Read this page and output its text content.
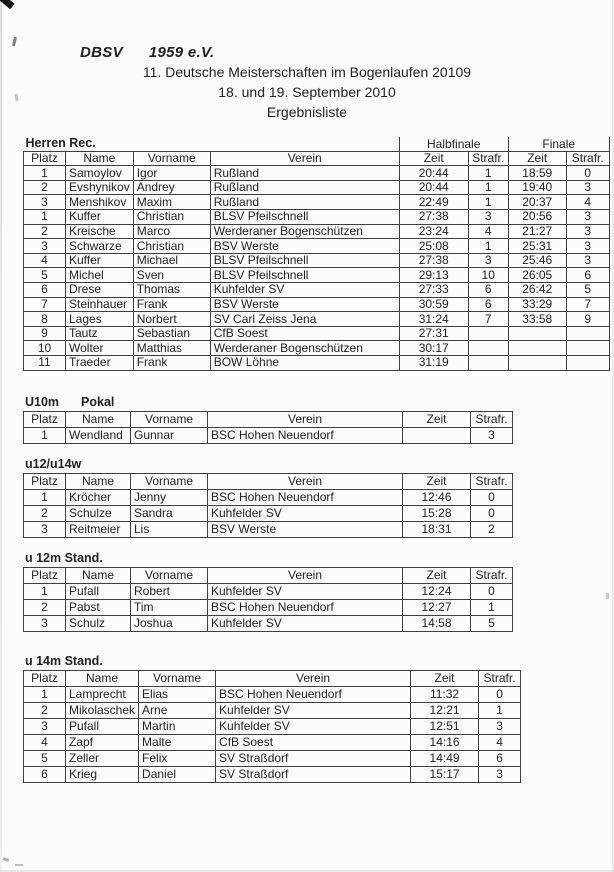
DBSV 1959 e.V.
11. Deutsche Meisterschaften im Bogenlaufen 20109
18. und 19. September 2010
Ergebnisliste
Herren Rec.				Halbfinale		Finale	
Platz	Name	Vorname	Verein	Zeit	Strafr.	Zeit	Strafr.
1	Samoylov	Igor	Rußland	20:44	1	18:59	0
2	Evshynikov	Andrey	Rußland	20:44	1	19:40	3
3	Menshikov	Maxim	Rußland	22:49	1	20:37	4
1	Kuffer	Christian	BLSV Pfeilschnell	27:38	3	20:56	3
2	Kreische	Marco	Werderaner Bogenschützen	23:24	4	21:27	3
3	Schwarze	Christian	BSV Werste	25:08	1	25:31	3
4	Kuffer	Michael	BLSV Pfeilschnell	27:38	3	25:46	3
5	Michel	Sven	BLSV Pfeilschnell	29:13	10	26:05	6
6	Drese	Thomas	Kuhfelder SV	27:33	6	26:42	5
7	Steinhauer	Frank	BSV Werste	30:59	6	33:29	7
8	Lages	Norbert	SV Carl Zeiss Jena	31:24	7	33:58	9
9	Tautz	Sebastian	CfB Soest	27:31			
10	Wolter	Matthias	Werderaner Bogenschützen	30:17			
11	Traeder	Frank	BOW Löhne	31:19			
U10m Pokal
Platz	Name	Vorname	Verein	Zeit	Strafr.
1	Wendland	Gunnar	BSC Hohen Neuendorf		3
u12/u14w
Platz	Name	Vorname	Verein	Zeit	Strafr.
1	Kröcher	Jenny	BSC Hohen Neuendorf	12:46	0
2	Schulze	Sandra	Kuhfelder SV	15:28	0
3	Reitmeier	Lis	BSV Werste	18:31	2
u 12m Stand.
Platz	Name	Vorname	Verein	Zeit	Strafr.
1	Pufall	Robert	Kuhfelder SV	12:24	0
2	Pabst	Tim	BSC Hohen Neuendorf	12:27	1
3	Schulz	Joshua	Kuhfelder SV	14:58	5
u 14m Stand.
Platz	Name	Vorname	Verein	Zeit	Strafr.
1	Lamprecht	Elias	BSC Hohen Neuendorf	11:32	0
2	Mikolaschek	Arne	Kuhfelder SV	12:21	1
3	Pufall	Martin	Kuhfelder SV	12:51	3
4	Zapf	Malte	CfB Soest	14:16	4
5	Zeller	Felix	SV Straßdorf	14:49	6
6	Krieg	Daniel	SV Straßdorf	15:17	3
